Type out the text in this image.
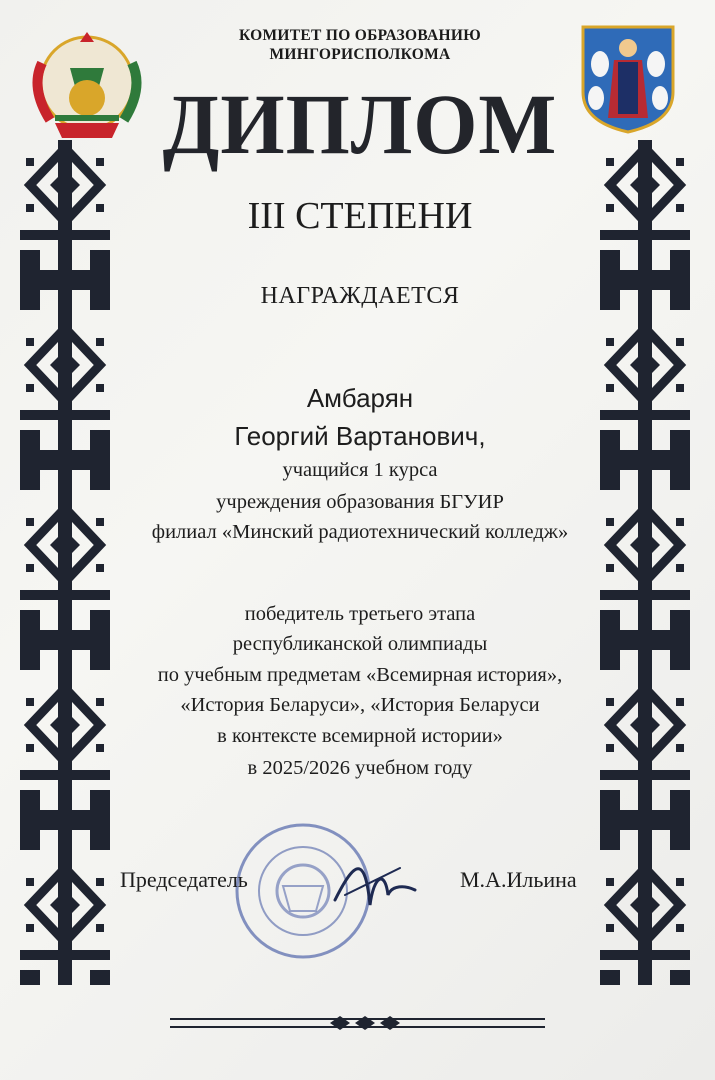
КОМИТЕТ ПО ОБРАЗОВАНИЮ
МИНГОРИСПОЛКОМА
ДИПЛОМ
III СТЕПЕНИ
НАГРАЖДАЕТСЯ
Амбарян
Георгий Вартанович,
учащийся 1 курса
учреждения образования БГУИР
филиал «Минский радиотехнический колледж»
победитель третьего этапа
республиканской олимпиады
по учебным предметам «Всемирная история»,
«История Беларуси», «История Беларуси
в контексте всемирной истории»
в 2025/2026 учебном году
Председатель	М.А.Ильина
